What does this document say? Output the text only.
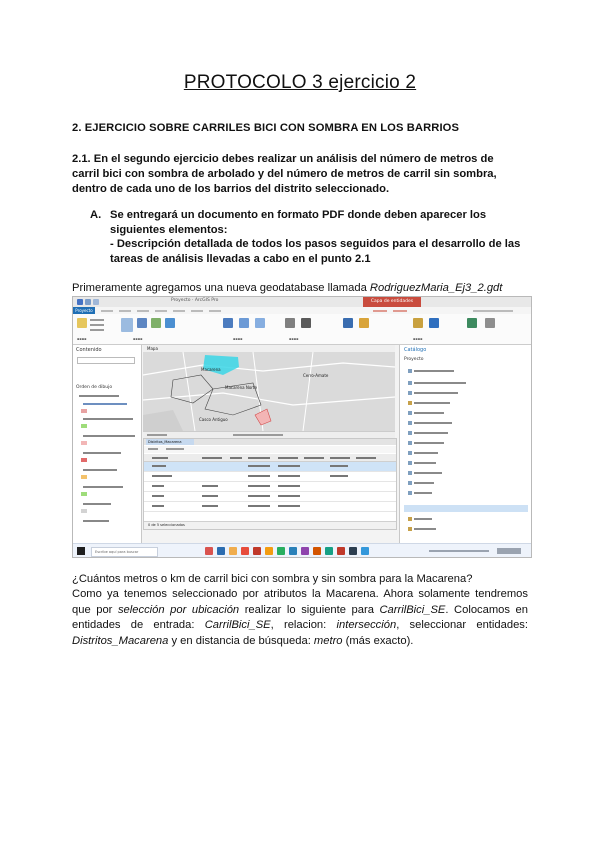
PROTOCOLO 3 ejercicio 2
2. EJERCICIO SOBRE CARRILES BICI CON SOMBRA EN LOS BARRIOS
2.1. En el segundo ejercicio debes realizar un análisis del número de metros de carril bici con sombra de arbolado y del número de metros de carril sin sombra, dentro de cada uno de los barrios del distrito seleccionado.
A. Se entregará un documento en formato PDF donde deben aparecer los siguientes elementos:
- Descripción detallada de todos los pasos seguidos para el desarrollo de las tareas de análisis llevadas a cabo en el punto 2.1
Primeramente agregamos una nueva geodatabase llamada RodriguezMaria_Ej3_2.gdt
Proyecto · ArcGIS Pro	Capa de entidades
Proyecto
▪▪▪▪	▪▪▪▪	▪▪▪▪	▪▪▪▪	▪▪▪▪
Contenido
Orden de dibujo
Mapa
Macarena
Cerro-Amate
Macarena Norte
Casco Antiguo
Distritos_Macarena
0 de 5 seleccionados
Catálogo
Proyecto
Escribe aquí para buscar

¿Cuántos metros o km de carril bici con sombra y sin sombra para la Macarena?

Como ya tenemos seleccionado por atributos la Macarena. Ahora solamente tendremos que por selección por ubicación realizar lo siguiente para CarrilBici_SE. Colocamos en entidades de entrada: CarrilBici_SE, relacion: intersección, seleccionar entidades: Distritos_Macarena y en distancia de búsqueda: metro (más exacto).
